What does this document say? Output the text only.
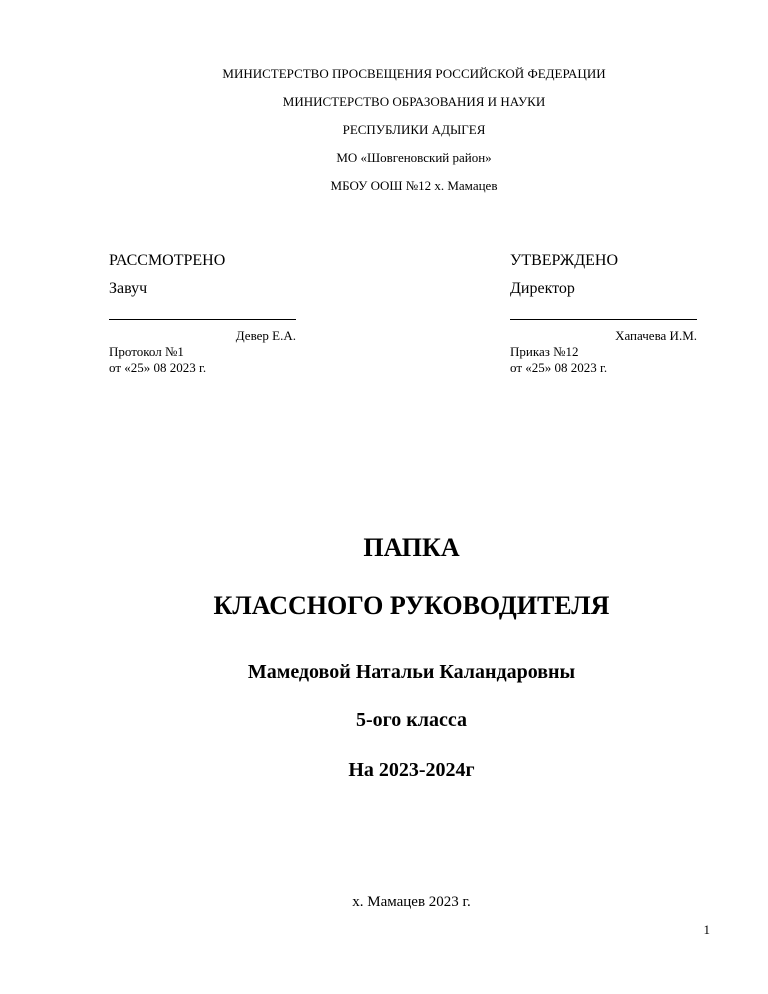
МИНИСТЕРСТВО ПРОСВЕЩЕНИЯ РОССИЙСКОЙ ФЕДЕРАЦИИ
МИНИСТЕРСТВО ОБРАЗОВАНИЯ И НАУКИ
РЕСПУБЛИКИ АДЫГЕЯ
МО «Шовгеновский район»
МБОУ ООШ №12 х. Мамацев
РАССМОТРЕНО
Завуч
Девер Е.А.
Протокол №1
от «25» 08 2023 г.
УТВЕРЖДЕНО
Директор
Хапачева И.М.
Приказ №12
от «25» 08 2023 г.
ПАПКА
КЛАССНОГО РУКОВОДИТЕЛЯ
Мамедовой Натальи Каландаровны
5-ого класса
На 2023-2024г
х. Мамацев 2023 г.
1
